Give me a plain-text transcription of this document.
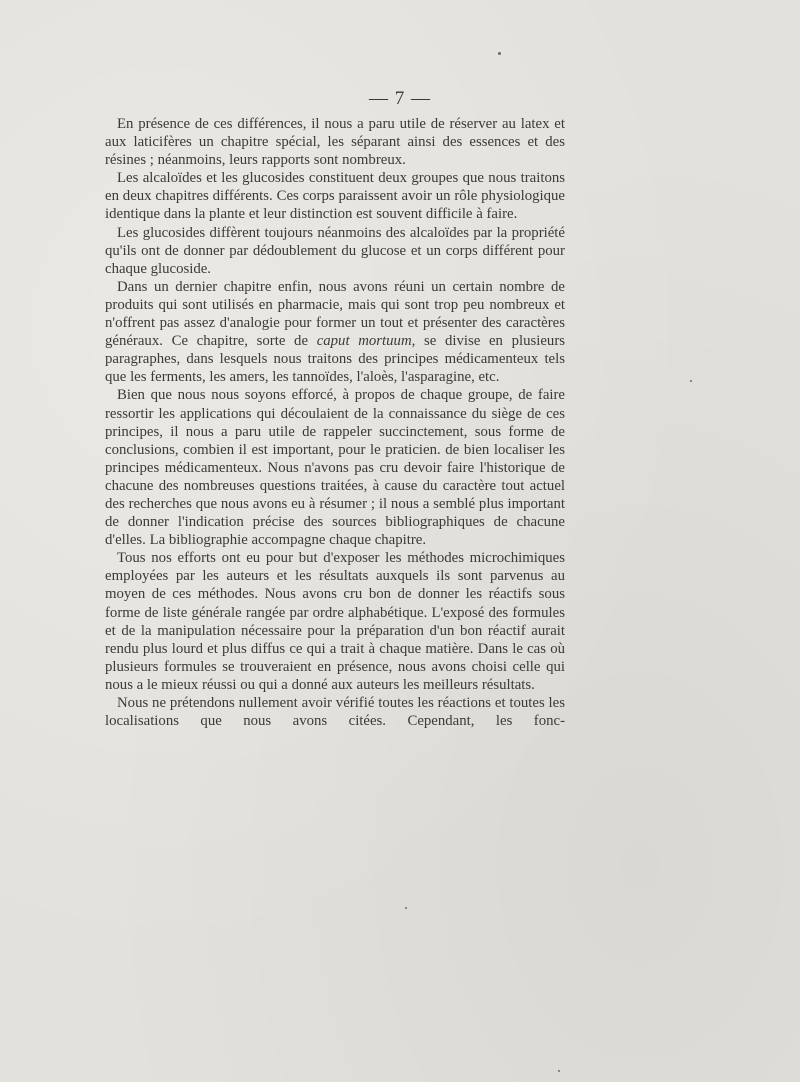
— 7 —

En présence de ces différences, il nous a paru utile de réserver au latex et aux laticifères un chapitre spécial, les séparant ainsi des essences et des résines ; néanmoins, leurs rapports sont nombreux.

Les alcaloïdes et les glucosides constituent deux groupes que nous traitons en deux chapitres différents. Ces corps paraissent avoir un rôle physiologique identique dans la plante et leur distinction est souvent difficile à faire.

Les glucosides diffèrent toujours néanmoins des alcaloïdes par la propriété qu'ils ont de donner par dédoublement du glucose et un corps différent pour chaque glucoside.

Dans un dernier chapitre enfin, nous avons réuni un certain nombre de produits qui sont utilisés en pharmacie, mais qui sont trop peu nombreux et n'offrent pas assez d'analogie pour former un tout et présenter des caractères généraux. Ce chapitre, sorte de caput mortuum, se divise en plusieurs paragraphes, dans lesquels nous traitons des principes médicamenteux tels que les ferments, les amers, les tannoïdes, l'aloès, l'asparagine, etc.

Bien que nous nous soyons efforcé, à propos de chaque groupe, de faire ressortir les applications qui découlaient de la connaissance du siège de ces principes, il nous a paru utile de rappeler succinctement, sous forme de conclusions, combien il est important, pour le praticien. de bien localiser les principes médicamenteux. Nous n'avons pas cru devoir faire l'historique de chacune des nombreuses questions traitées, à cause du caractère tout actuel des recherches que nous avons eu à résumer ; il nous a semblé plus important de donner l'indication précise des sources bibliographiques de chacune d'elles. La bibliographie accompagne chaque chapitre.

Tous nos efforts ont eu pour but d'exposer les méthodes microchimiques employées par les auteurs et les résultats auxquels ils sont parvenus au moyen de ces méthodes. Nous avons cru bon de donner les réactifs sous forme de liste générale rangée par ordre alphabétique. L'exposé des formules et de la manipulation nécessaire pour la préparation d'un bon réactif aurait rendu plus lourd et plus diffus ce qui a trait à chaque matière. Dans le cas où plusieurs formules se trouveraient en présence, nous avons choisi celle qui nous a le mieux réussi ou qui a donné aux auteurs les meilleurs résultats.

Nous ne prétendons nullement avoir vérifié toutes les réactions et toutes les localisations que nous avons citées. Cependant, les fonc-
